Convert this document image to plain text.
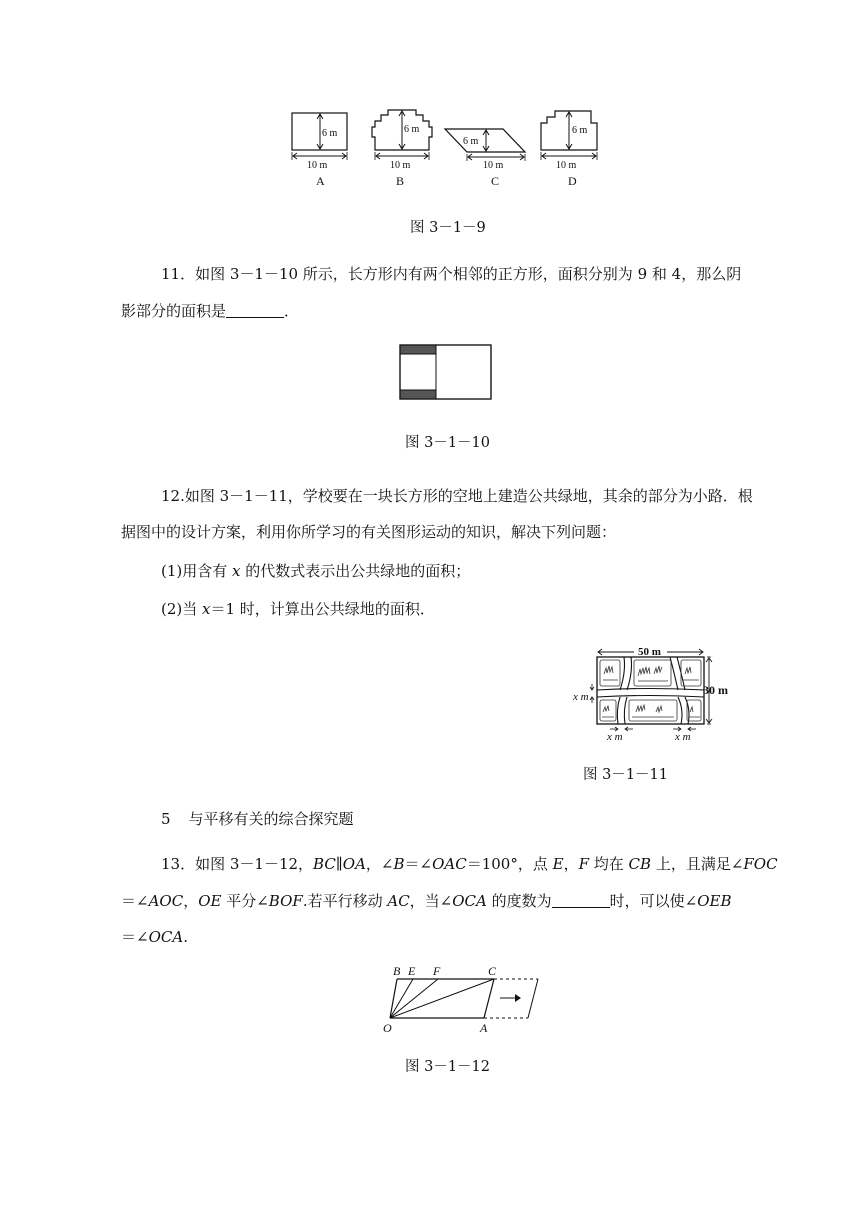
6 m
10 m
A
6 m
10 m
B
6 m
10 m
C
6 m
10 m
D
图 3－1－9
11．如图 3－1－10 所示，长方形内有两个相邻的正方形，面积分别为 9 和 4，那么阴
影部分的面积是	．
图 3－1－10
12.如图 3－1－11，学校要在一块长方形的空地上建造公共绿地，其余的部分为小路．根
据图中的设计方案，利用你所学习的有关图形运动的知识，解决下列问题：
(1)用含有 x 的代数式表示出公共绿地的面积；
(2)当 x＝1 时，计算出公共绿地的面积．
50 m
30 m
x m
x m	x m
图 3－1－11
5 与平移有关的综合探究题
13．如图 3－1－12，BC∥OA，∠B＝∠OAC＝100°，点 E，F 均在 CB 上，且满足∠FOC
＝∠AOC，OE 平分∠BOF.若平行移动 AC，当∠OCA 的度数为	时，可以使∠OEB
＝∠OCA.
B E F	C
O	A
图 3－1－12
